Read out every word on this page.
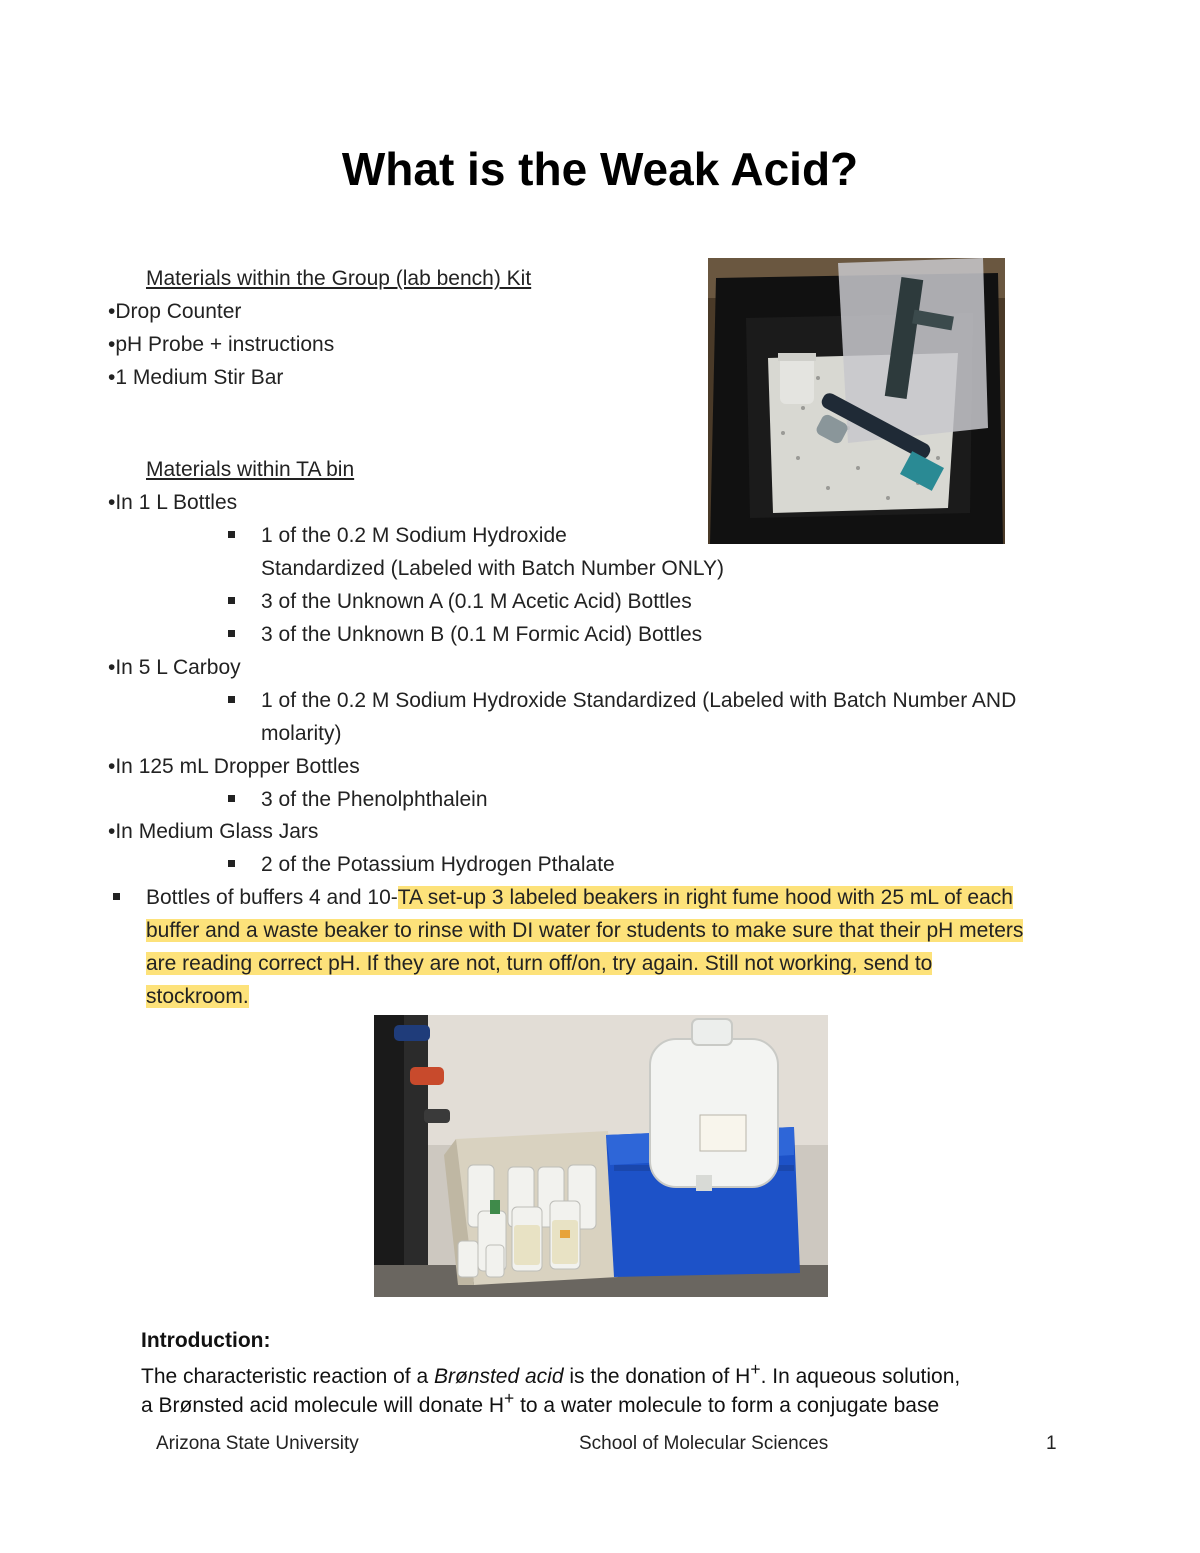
What is the Weak Acid?
Materials within the Group (lab bench) Kit
•Drop Counter
•pH Probe + instructions
•1 Medium Stir Bar
Materials within TA bin
•In 1 L Bottles
1 of the 0.2 M Sodium Hydroxide
Standardized (Labeled with Batch Number ONLY)
3 of the Unknown A (0.1 M Acetic Acid) Bottles
3 of the Unknown B (0.1 M Formic Acid) Bottles
•In 5 L Carboy
1 of the 0.2 M Sodium Hydroxide Standardized (Labeled with Batch Number AND
molarity)
•In 125 mL Dropper Bottles
3 of the Phenolphthalein
•In Medium Glass Jars
2 of the Potassium Hydrogen Pthalate
Bottles of buffers 4 and 10-TA set-up 3 labeled beakers in right fume hood with 25 mL of each
buffer and a waste beaker to rinse with DI water for students to make sure that their pH meters
are reading correct pH. If they are not, turn off/on, try again. Still not working, send to
stockroom.
Introduction:
The characteristic reaction of a Brønsted acid is the donation of H+. In aqueous solution,
a Brønsted acid molecule will donate H+ to a water molecule to form a conjugate base
Arizona State University	School of Molecular Sciences	1
